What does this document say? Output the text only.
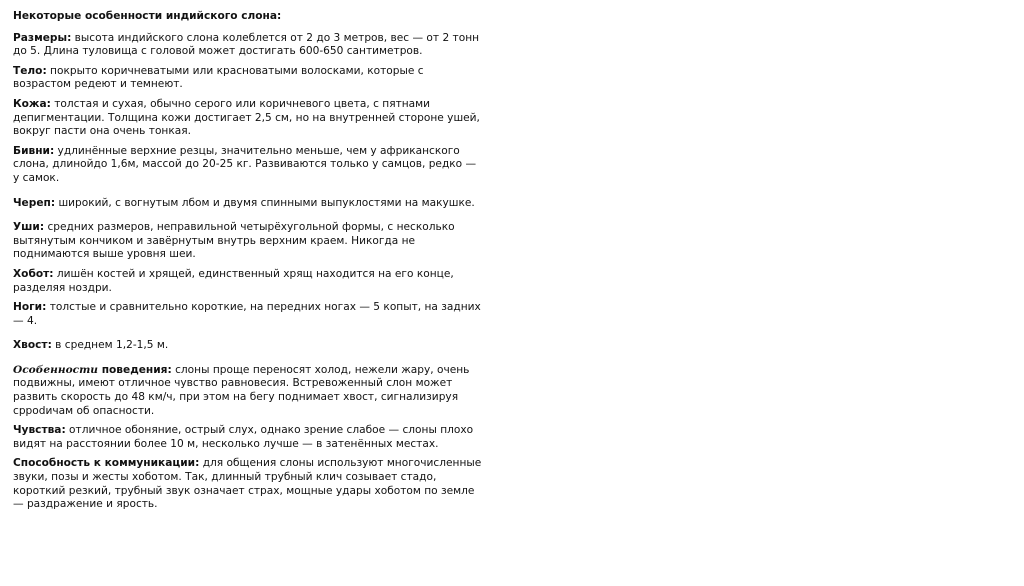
Некоторые особенности индийского слона:
Размеры: высота индийского слона колеблется от 2 до 3 метров, вес — от 2 тонн до 5. Длина туловища с головой может достигать 600-650 сантиметров.
Тело: покрыто коричневатыми или красноватыми волосками, которые с возрастом редеют и темнеют.
Кожа: толстая и сухая, обычно серого или коричневого цвета, с пятнами депигментации. Толщина кожи достигает 2,5 см, но на внутренней стороне ушей, вокруг пасти она очень тонкая.
Бивни: удлинённые верхние резцы, значительно меньше, чем у африканского слона, длинойдо 1,6м, массой до 20-25 кг. Развиваются только у самцов, редко — у самок.
Череп: широкий, с вогнутым лбом и двумя спинными выпуклостями на макушке.
Уши: средних размеров, неправильной четырёхугольной формы, с несколько вытянутым кончиком и завёрнутым внутрь верхним краем. Никогда не поднимаются выше уровня шеи.
Хобот: лишён костей и хрящей, единственный хрящ находится на его конце, разделяя ноздри.
Ноги: толстые и сравнительно короткие, на передних ногах — 5 копыт, на задних — 4.
Хвост: в среднем 1,2-1,5 м.
Особенности поведения: слоны проще переносят холод, нежели жару, очень подвижны, имеют отличное чувство равновесия. Встревоженный слон может развить скорость до 48 км/ч, при этом на бегу поднимает хвост, сигнализируя сррodичам об опасности.
Чувства: отличное обоняние, острый слух, однако зрение слабое — слоны плохо видят на расстоянии более 10 м, несколько лучше — в затенённых местах.
Способность к коммуникации: для общения слоны используют многочисленные звуки, позы и жесты хоботом. Так, длинный трубный клич созывает стадо, короткий резкий, трубный звук означает страх, мощные удары хоботом по земле — раздражение и ярость.
